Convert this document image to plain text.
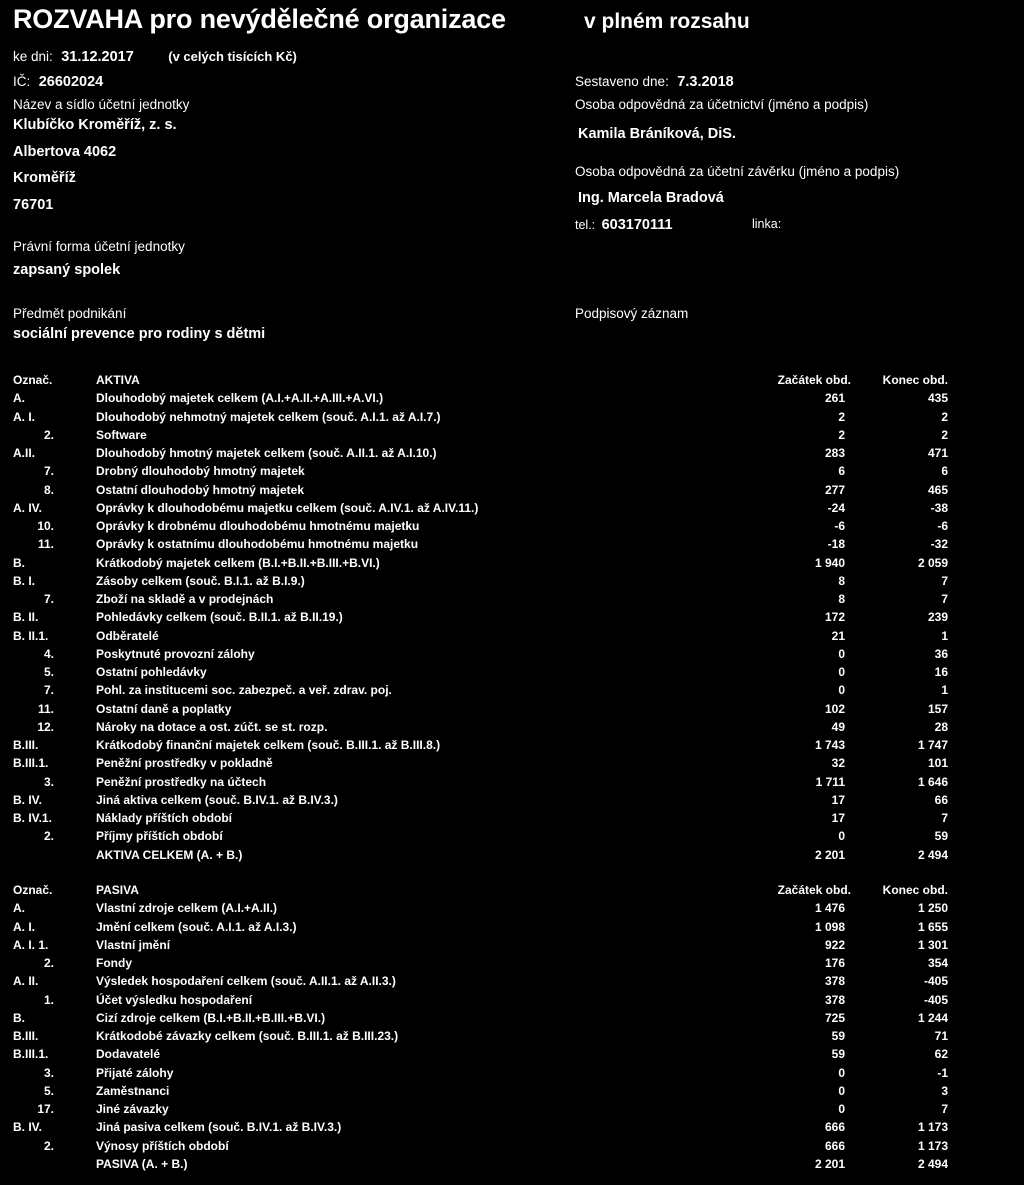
ROZVAHA pro nevýdělečné organizace	v plném rozsahu
ke dni: 31.12.2017	(v celých tisících Kč)
IČ: 26602024
Název a sídlo účetní jednotky
Klubíčko Kroměříž, z. s.
Albertova 4062
Kroměříž
76701
Právní forma účetní jednotky
zapsaný spolek
Předmět podnikání
sociální prevence pro rodiny s dětmi
Sestaveno dne: 7.3.2018
Osoba odpovědná za účetnictví (jméno a podpis)
Kamila Bráníková, DiS.
Osoba odpovědná za účetní závěrku (jméno a podpis)
Ing. Marcela Bradová
tel.: 603170111	linka:
Podpisový záznam
Označ.	AKTIVA	Začátek obd.	Konec obd.
A.	Dlouhodobý majetek celkem (A.I.+A.II.+A.III.+A.VI.)	261	435
A. I.	Dlouhodobý nehmotný majetek celkem (souč. A.I.1. až A.I.7.)	2	2
2.	Software	2	2
A.II.	Dlouhodobý hmotný majetek celkem (souč. A.II.1. až A.I.10.)	283	471
7.	Drobný dlouhodobý hmotný majetek	6	6
8.	Ostatní dlouhodobý hmotný majetek	277	465
A. IV.	Oprávky k dlouhodobému majetku celkem (souč. A.IV.1. až A.IV.11.)	-24	-38
10.	Oprávky k drobnému dlouhodobému hmotnému majetku	-6	-6
11.	Oprávky k ostatnímu dlouhodobému hmotnému majetku	-18	-32
B.	Krátkodobý majetek celkem (B.I.+B.II.+B.III.+B.VI.)	1 940	2 059
B. I.	Zásoby celkem (souč. B.I.1. až B.I.9.)	8	7
7.	Zboží na skladě a v prodejnách	8	7
B. II.	Pohledávky celkem (souč. B.II.1. až B.II.19.)	172	239
B. II.1.	Odběratelé	21	1
4.	Poskytnuté provozní zálohy	0	36
5.	Ostatní pohledávky	0	16
7.	Pohl. za institucemi soc. zabezpeč. a veř. zdrav. poj.	0	1
11.	Ostatní daně a poplatky	102	157
12.	Nároky na dotace a ost. zúčt. se st. rozp.	49	28
B.III.	Krátkodobý finanční majetek celkem (souč. B.III.1. až B.III.8.)	1 743	1 747
B.III.1.	Peněžní prostředky v pokladně	32	101
3.	Peněžní prostředky na účtech	1 711	1 646
B. IV.	Jiná aktiva celkem (souč. B.IV.1. až B.IV.3.)	17	66
B. IV.1.	Náklady příštích období	17	7
2.	Příjmy příštích období	0	59
AKTIVA CELKEM (A. + B.)	2 201	2 494
Označ.	PASIVA	Začátek obd.	Konec obd.
A.	Vlastní zdroje celkem (A.I.+A.II.)	1 476	1 250
A. I.	Jmění celkem (souč. A.I.1. až A.I.3.)	1 098	1 655
A. I. 1.	Vlastní jmění	922	1 301
2.	Fondy	176	354
A. II.	Výsledek hospodaření celkem (souč. A.II.1. až A.II.3.)	378	-405
1.	Účet výsledku hospodaření	378	-405
B.	Cizí zdroje celkem (B.I.+B.II.+B.III.+B.VI.)	725	1 244
B.III.	Krátkodobé závazky celkem (souč. B.III.1. až B.III.23.)	59	71
B.III.1.	Dodavatelé	59	62
3.	Přijaté zálohy	0	-1
5.	Zaměstnanci	0	3
17.	Jiné závazky	0	7
B. IV.	Jiná pasiva celkem (souč. B.IV.1. až B.IV.3.)	666	1 173
2.	Výnosy příštích období	666	1 173
PASIVA (A. + B.)	2 201	2 494
